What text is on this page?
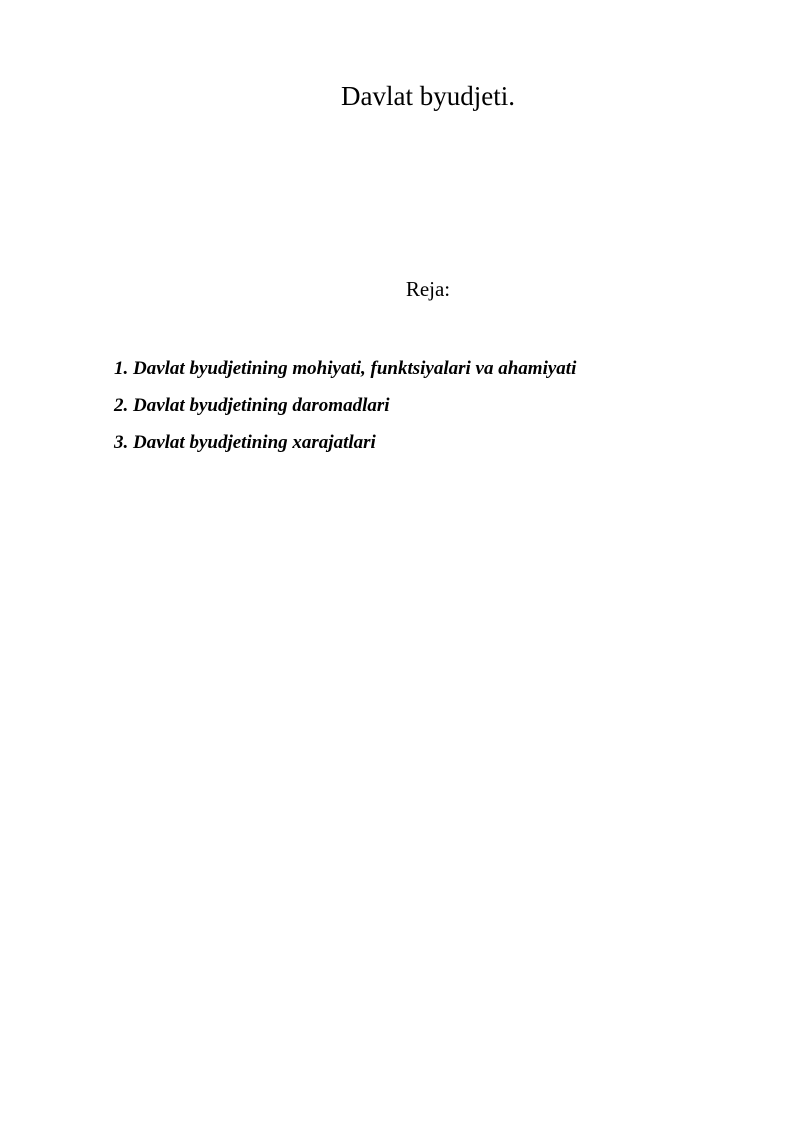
Davlat byudjeti.
Reja:
1. Davlat byudjetining mohiyati, funktsiyalari va ahamiyati
2. Davlat byudjetining daromadlari
3. Davlat byudjetining xarajatlari
